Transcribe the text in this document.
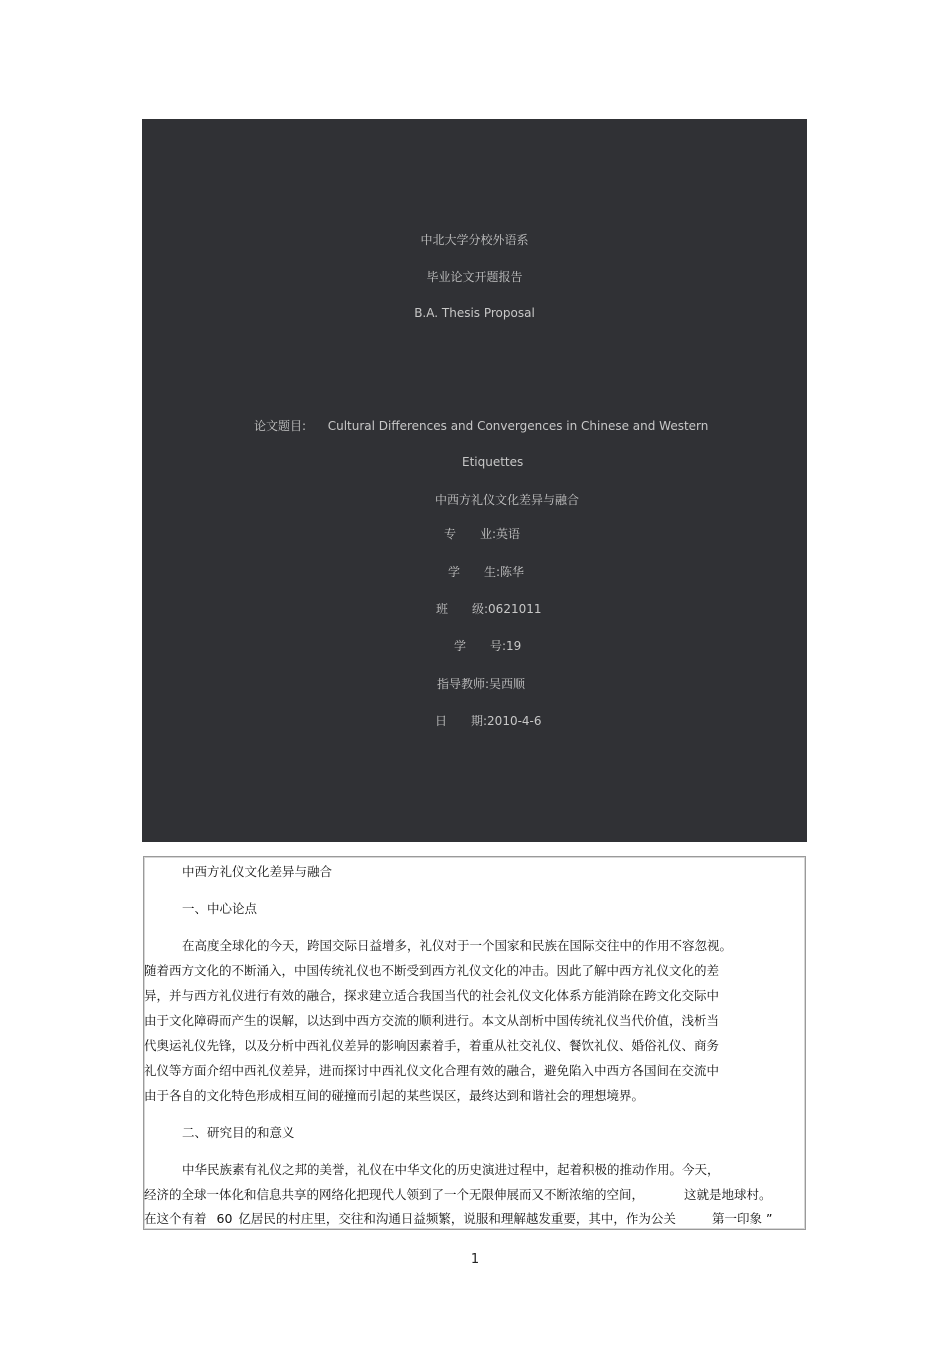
中北大学分校外语系
毕业论文开题报告
B.A. Thesis Proposal
论文题目: Cultural Differences and Convergences in Chinese and Western
Etiquettes
中西方礼仪文化差异与融合
专　　业:英语
学　　生:陈华
班　　级:0621011
学　　号:19
指导教师:吴西顺
日　　期:2010-4-6
中西方礼仪文化差异与融合
一、中心论点
在高度全球化的今天，跨国交际日益增多，礼仪对于一个国家和民族在国际交往中的作用不容忽视。
随着西方文化的不断涌入，中国传统礼仪也不断受到西方礼仪文化的冲击。因此了解中西方礼仪文化的差
异，并与西方礼仪进行有效的融合，探求建立适合我国当代的社会礼仪文化体系方能消除在跨文化交际中
由于文化障碍而产生的误解，以达到中西方交流的顺利进行。本文从剖析中国传统礼仪当代价值，浅析当
代奥运礼仪先锋，以及分析中西礼仪差异的影响因素着手，着重从社交礼仪、餐饮礼仪、婚俗礼仪、商务
礼仪等方面介绍中西礼仪差异，进而探讨中西礼仪文化合理有效的融合，避免陷入中西方各国间在交流中
由于各自的文化特色形成相互间的碰撞而引起的某些误区，最终达到和谐社会的理想境界。
二、研究目的和意义
中华民族素有礼仪之邦的美誉，礼仪在中华文化的历史演进过程中，起着积极的推动作用。今天，
经济的全球一体化和信息共享的网络化把现代人领到了一个无限伸展而又不断浓缩的空间，	这就是地球村。
在这个有着 60 亿居民的村庄里，交往和沟通日益频繁，说服和理解越发重要，其中，作为公关	第一印象 ”
1
